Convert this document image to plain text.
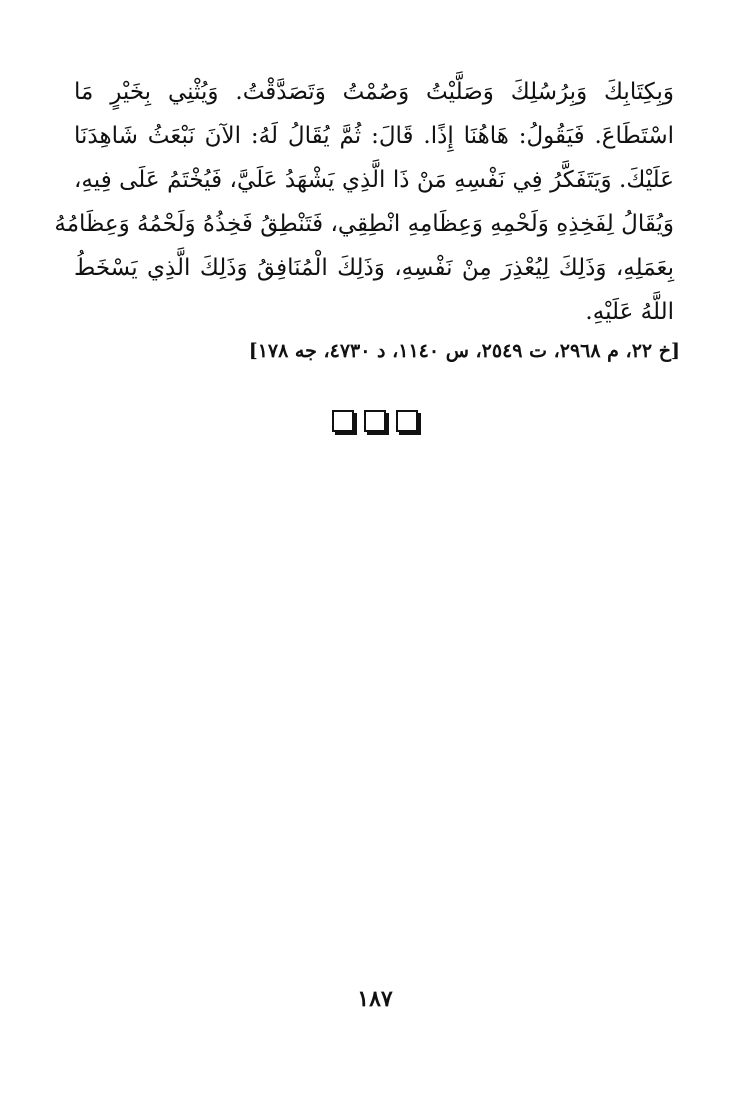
وَبِكِتَابِكَ وَبِرُسُلِكَ وَصَلَّيْتُ وَصُمْتُ وَتَصَدَّقْتُ. وَيُثْنِي بِخَيْرٍ مَا
اسْتَطَاعَ. فَيَقُولُ: هَاهُنَا إِذًا. قَالَ: ثُمَّ يُقَالُ لَهُ: الآنَ نَبْعَثُ شَاهِدَنَا
عَلَيْكَ. وَيَتَفَكَّرُ فِي نَفْسِهِ مَنْ ذَا الَّذِي يَشْهَدُ عَلَيَّ، فَيُخْتَمُ عَلَى فِيهِ،
وَيُقَالُ لِفَخِذِهِ وَلَحْمِهِ وَعِظَامِهِ انْطِقِي، فَتَنْطِقُ فَخِذُهُ وَلَحْمُهُ وَعِظَامُهُ
بِعَمَلِهِ، وَذَلِكَ لِيُعْذِرَ مِنْ نَفْسِهِ، وَذَلِكَ الْمُنَافِقُ وَذَلِكَ الَّذِي يَسْخَطُ
اللَّهُ عَلَيْهِ.
[خ ٢٢، م ٢٩٦٨، ت ٢٥٤٩، س ١١٤٠، د ٤٧٣٠، جه ١٧٨]
١٨٧
